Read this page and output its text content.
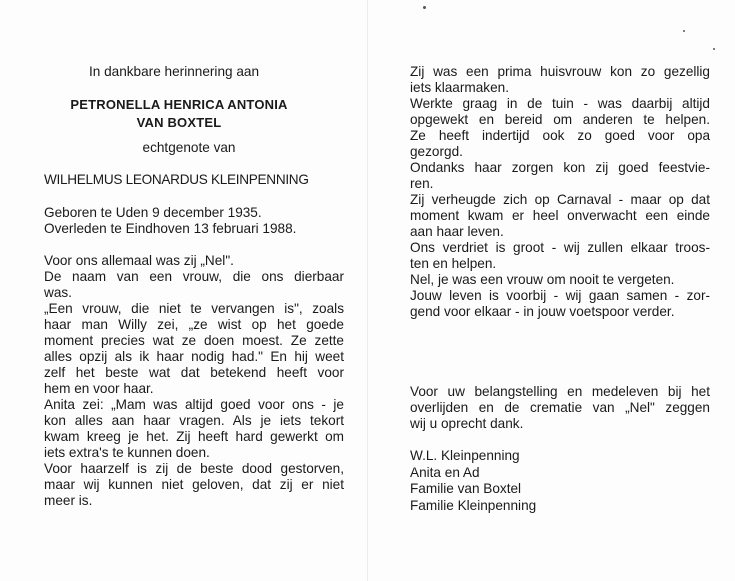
In dankbare herinnering aan
PETRONELLA HENRICA ANTONIA
VAN BOXTEL
echtgenote van
WILHELMUS LEONARDUS KLEINPENNING
Geboren te Uden 9 december 1935.
Overleden te Eindhoven 13 februari 1988.
Voor ons allemaal was zij „Nel".
De naam van een vrouw, die ons dierbaar
was.
„Een vrouw, die niet te vervangen is", zoals
haar man Willy zei, „ze wist op het goede
moment precies wat ze doen moest. Ze zette
alles opzij als ik haar nodig had." En hij weet
zelf het beste wat dat betekend heeft voor
hem en voor haar.
Anita zei: „Mam was altijd goed voor ons - je
kon alles aan haar vragen. Als je iets tekort
kwam kreeg je het. Zij heeft hard gewerkt om
iets extra's te kunnen doen.
Voor haarzelf is zij de beste dood gestorven,
maar wij kunnen niet geloven, dat zij er niet
meer is.
Zij was een prima huisvrouw kon zo gezellig
iets klaarmaken.
Werkte graag in de tuin - was daarbij altijd
opgewekt en bereid om anderen te helpen.
Ze heeft indertijd ook zo goed voor opa
gezorgd.
Ondanks haar zorgen kon zij goed feestvie-
ren.
Zij verheugde zich op Carnaval - maar op dat
moment kwam er heel onverwacht een einde
aan haar leven.
Ons verdriet is groot - wij zullen elkaar troos-
ten en helpen.
Nel, je was een vrouw om nooit te vergeten.
Jouw leven is voorbij - wij gaan samen - zor-
gend voor elkaar - in jouw voetspoor verder.
Voor uw belangstelling en medeleven bij het
overlijden en de crematie van „Nel" zeggen
wij u oprecht dank.
W.L. Kleinpenning
Anita en Ad
Familie van Boxtel
Familie Kleinpenning
